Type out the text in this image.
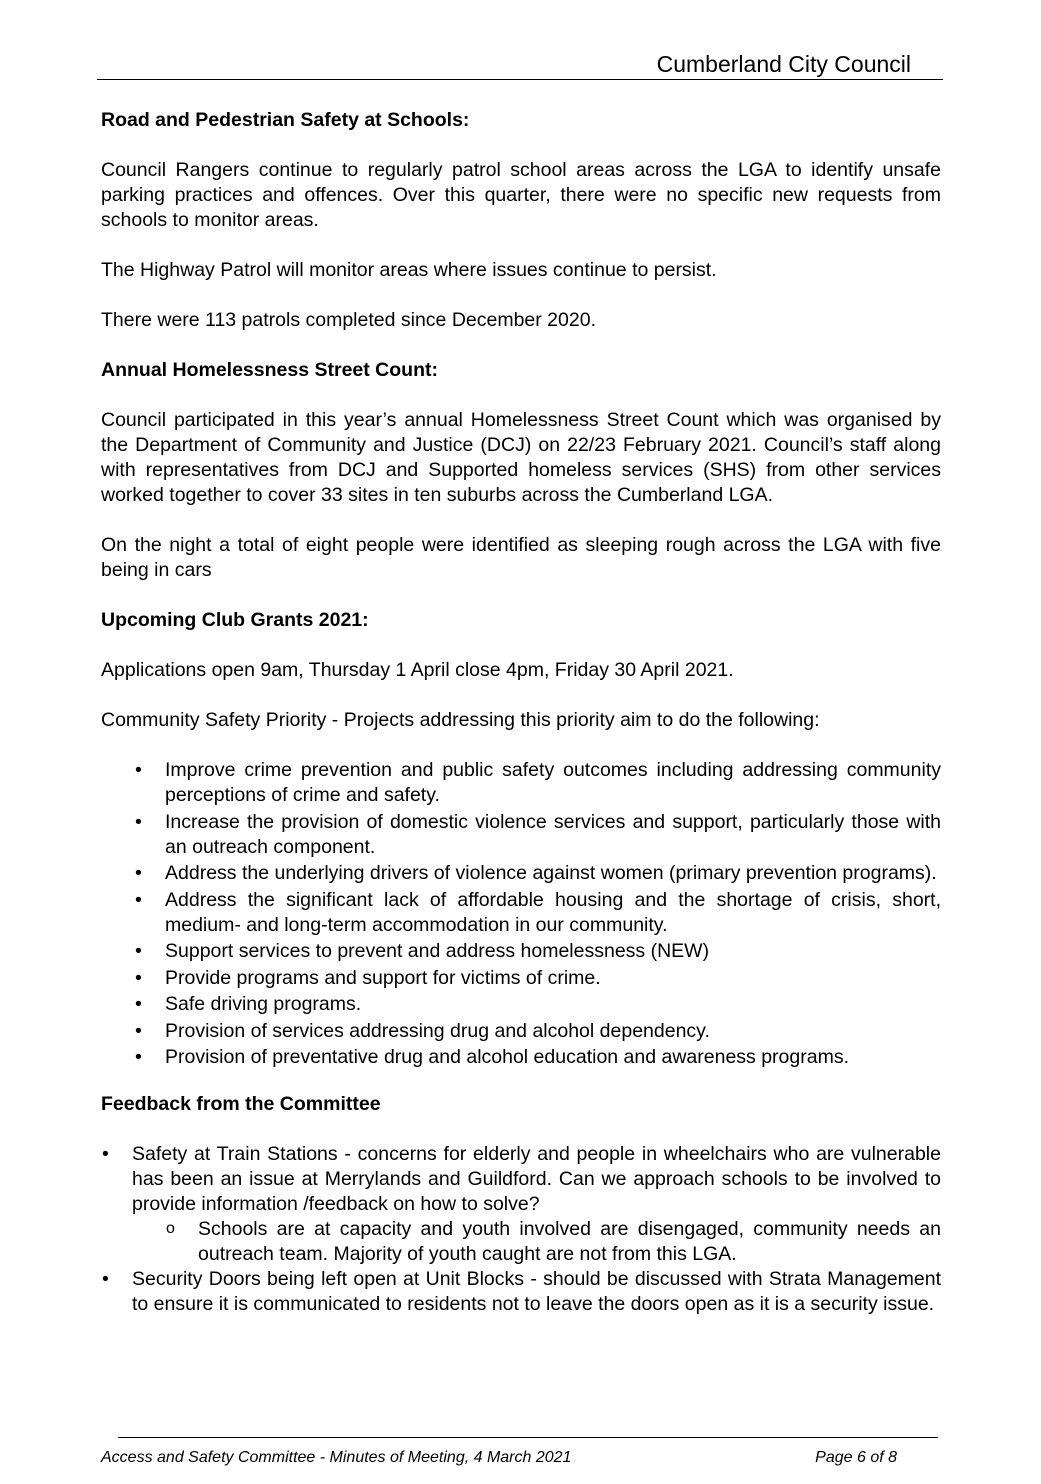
Cumberland City Council
Road and Pedestrian Safety at Schools:

Council Rangers continue to regularly patrol school areas across the LGA to identify unsafe parking practices and offences. Over this quarter, there were no specific new requests from schools to monitor areas.

The Highway Patrol will monitor areas where issues continue to persist.

There were 113 patrols completed since December 2020.

Annual Homelessness Street Count:

Council participated in this year’s annual Homelessness Street Count which was organised by the Department of Community and Justice (DCJ) on 22/23 February 2021. Council’s staff along with representatives from DCJ and Supported homeless services (SHS) from other services worked together to cover 33 sites in ten suburbs across the Cumberland LGA.

On the night a total of eight people were identified as sleeping rough across the LGA with five being in cars

Upcoming Club Grants 2021:

Applications open 9am, Thursday 1 April close 4pm, Friday 30 April 2021.

Community Safety Priority - Projects addressing this priority aim to do the following:

• Improve crime prevention and public safety outcomes including addressing community perceptions of crime and safety.
• Increase the provision of domestic violence services and support, particularly those with an outreach component.
• Address the underlying drivers of violence against women (primary prevention programs).
• Address the significant lack of affordable housing and the shortage of crisis, short, medium- and long-term accommodation in our community.
• Support services to prevent and address homelessness (NEW)
• Provide programs and support for victims of crime.
• Safe driving programs.
• Provision of services addressing drug and alcohol dependency.
• Provision of preventative drug and alcohol education and awareness programs.
Feedback from the Committee
• Safety at Train Stations - concerns for elderly and people in wheelchairs who are vulnerable has been an issue at Merrylands and Guildford. Can we approach schools to be involved to provide information /feedback on how to solve?
o Schools are at capacity and youth involved are disengaged, community needs an outreach team. Majority of youth caught are not from this LGA.
• Security Doors being left open at Unit Blocks - should be discussed with Strata Management to ensure it is communicated to residents not to leave the doors open as it is a security issue.
Access and Safety Committee - Minutes of Meeting, 4 March 2021	Page 6 of 8
